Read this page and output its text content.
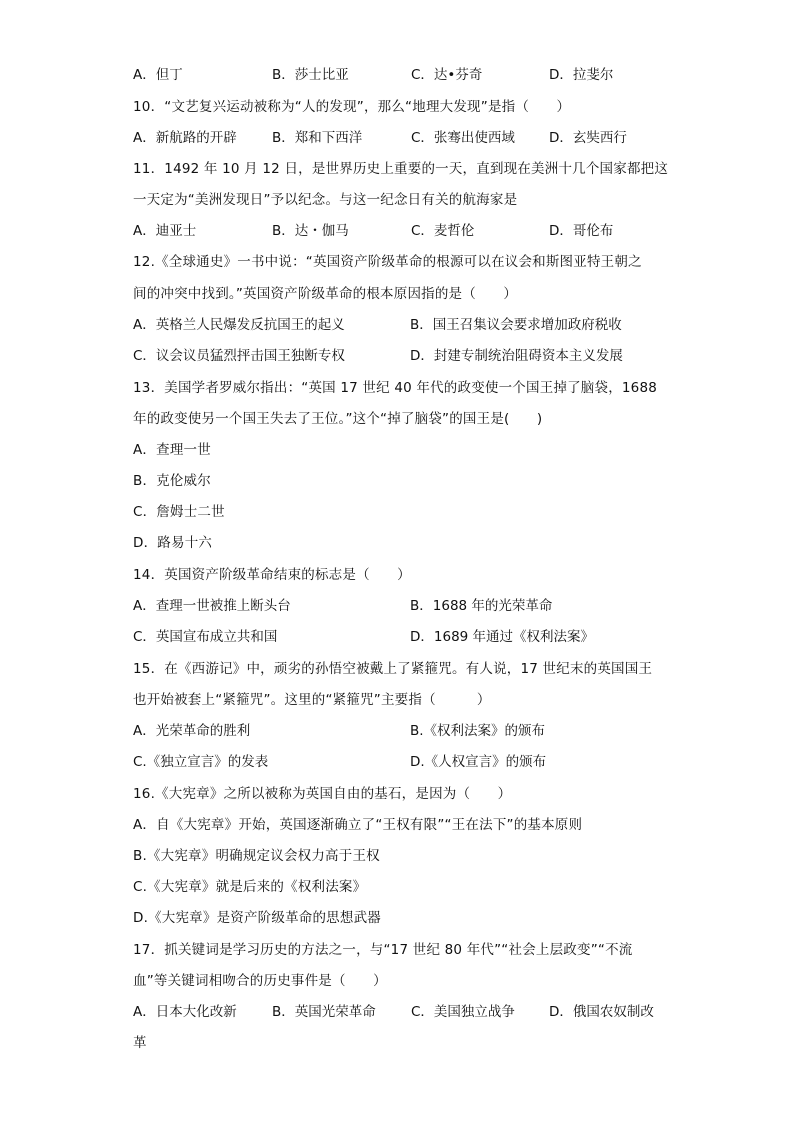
A．但丁	B．莎士比亚	C．达•芬奇	D．拉斐尔
10．“文艺复兴运动被称为“人的发现”，那么“地理大发现”是指（　　）
A．新航路的开辟	B．郑和下西洋	C．张骞出使西域	D．玄奘西行
11．1492 年 10 月 12 日，是世界历史上重要的一天，直到现在美洲十几个国家都把这
一天定为“美洲发现日”予以纪念。与这一纪念日有关的航海家是
A．迪亚士	B．达・伽马	C．麦哲伦	D．哥伦布
12.《全球通史》一书中说：“英国资产阶级革命的根源可以在议会和斯图亚特王朝之
间的冲突中找到。”英国资产阶级革命的根本原因指的是（　　）
A．英格兰人民爆发反抗国王的起义	B．国王召集议会要求增加政府税收
C．议会议员猛烈抨击国王独断专权	D．封建专制统治阻碍资本主义发展
13．美国学者罗威尔指出：“英国 17 世纪 40 年代的政变使一个国王掉了脑袋，1688
年的政变使另一个国王失去了王位。”这个“掉了脑袋”的国王是(　　)
A．查理一世
B．克伦威尔
C．詹姆士二世
D．路易十六
14．英国资产阶级革命结束的标志是（　　）
A．查理一世被推上断头台	B．1688 年的光荣革命
C．英国宣布成立共和国	D．1689 年通过《权利法案》
15．在《西游记》中，顽劣的孙悟空被戴上了紧箍咒。有人说，17 世纪末的英国国王
也开始被套上“紧箍咒”。这里的“紧箍咒”主要指（　　　）
A．光荣革命的胜利	B.《权利法案》的颁布
C.《独立宣言》的发表	D.《人权宣言》的颁布
16.《大宪章》之所以被称为英国自由的基石，是因为（　　）
A．自《大宪章》开始，英国逐渐确立了“王权有限”“王在法下”的基本原则
B.《大宪章》明确规定议会权力高于王权
C.《大宪章》就是后来的《权利法案》
D.《大宪章》是资产阶级革命的思想武器
17．抓关键词是学习历史的方法之一，与“17 世纪 80 年代”“社会上层政变”“不流
血”等关键词相吻合的历史事件是（　　）
A．日本大化改新	B．英国光荣革命	C．美国独立战争	D．俄国农奴制改
革
